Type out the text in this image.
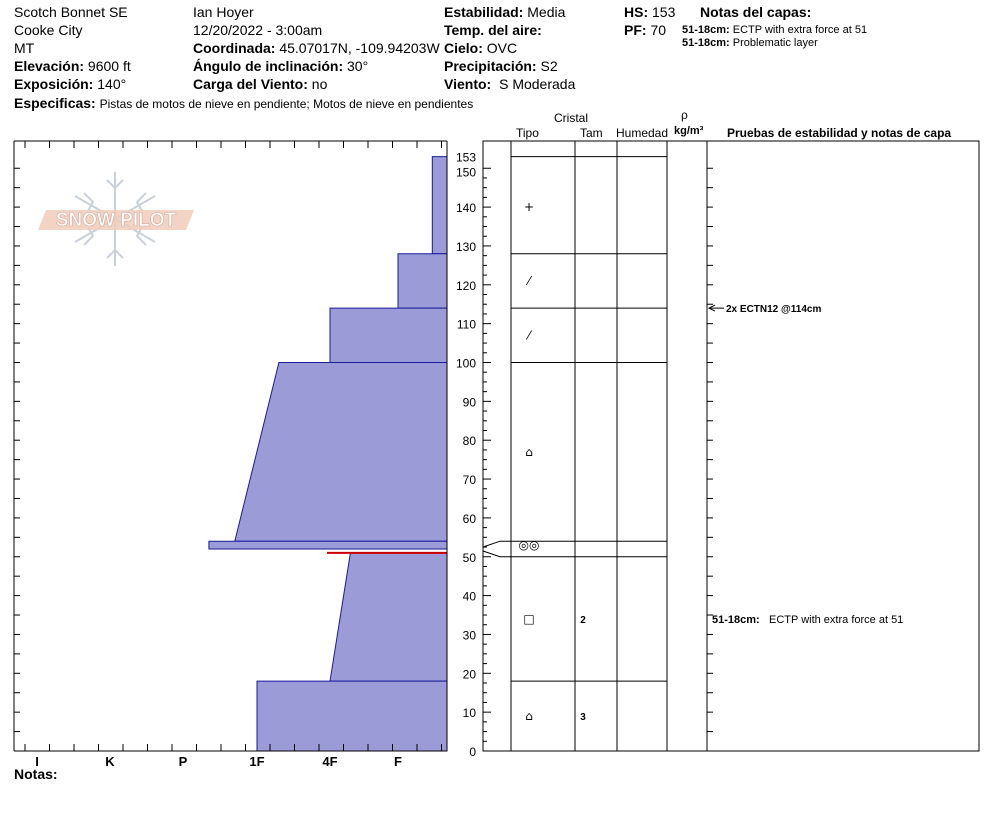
Scotch Bonnet SE
Cooke City
MT
Elevación: 9600 ft
Exposición: 140°
Especificas: Pistas de motos de nieve en pendiente; Motos de nieve en pendientes
Ian Hoyer
12/20/2022 - 3:00am
Coordinada: 45.07017N, -109.94203W
Ángulo de inclinación: 30°
Carga del Viento: no
Estabilidad: Media
Temp. del aire:
Cielo: OVC
Precipitación: S2
Viento: S Moderada
HS: 153
PF: 70
Notas del capas:
51-18cm: ECTP with extra force at 51
51-18cm: Problematic layer
Cristal
Tipo	Tam Humedad
ρ
kg/m³ Pruebas de estabilidad y notas de capa
Notas:
SNOW PILOT
I	K	P	1F	4F	F
0
10
20
30
40
50
60
70
80
90
100
110
120
130
140
150
153
+
⁄
⁄
⌂
◎◎
□	2
⌂	3
2x ECTN12 @114cm
51-18cm: ECTP with extra force at 51
